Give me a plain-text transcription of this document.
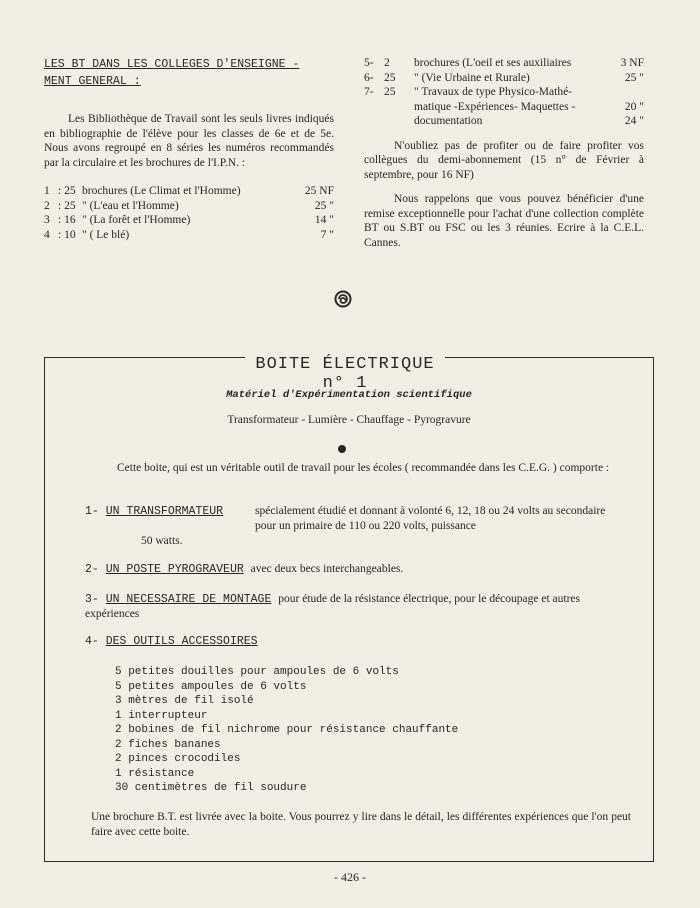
LES BT DANS LES COLLEGES D'ENSEIGNE -
MENT GENERAL :

Les Bibliothèque de Travail sont les seuls livres indiqués en bibliographie de l'élève pour les classes de 6e et de 5e. Nous avons regroupé en 8 séries les numéros recommandés par la circulaire et les brochures de l'I.P.N. :

1 : 25 brochures (Le Climat et l'Homme)	25 NF
2 : 25 " (L'eau et l'Homme)	25 "
3 : 16 " (La forêt et l'Homme)	14 "
4 : 10 " ( Le blé)	7 "
5- 2	brochures (L'oeil et ses auxiliaires	3 NF
6- 25	" (Vie Urbaine et Rurale)	25 "
7- 25	" Travaux de type Physico-Mathé-
matique -Expériences- Maquettes -	20 "
documentation	24 "

N'oubliez pas de profiter ou de faire profiter vos collègues du demi-abonnement (15 n° de Février à septembre, pour 16 NF)

Nous rappelons que vous pouvez bénéficier d'une remise exceptionnelle pour l'achat d'une collection complète BT ou S.BT ou FSC ou les 3 réunies. Ecrire à la C.E.L. Cannes.

BOITE ÉLECTRIQUE n° 1
Matériel d'Expérimentation scientifique
Transformateur - Lumière - Chauffage - Pyrogravure

Cette boite, qui est un véritable outil de travail pour les écoles ( recommandée dans les C.E.G. ) comporte :

1- UN TRANSFORMATEUR	spécialement étudié et donnant à volonté 6, 12, 18 ou 24 volts au secondaire pour un primaire de 110 ou 220 volts, puissance
50 watts.
2- UN POSTE PYROGRAVEUR avec deux becs interchangeables.
3- UN NECESSAIRE DE MONTAGE pour étude de la résistance électrique, pour le découpage et autres expériences
4- DES OUTILS ACCESSOIRES
5 petites douilles pour ampoules de 6 volts
5 petites ampoules de 6 volts
3 mètres de fil isolé
1 interrupteur
2 bobines de fil nichrome pour résistance chauffante
2 fiches bananes
2 pinces crocodiles
1 résistance
30 centimètres de fil soudure

Une brochure B.T. est livrée avec la boite. Vous pourrez y lire dans le détail, les différentes expériences que l'on peut faire avec cette boite.

- 426 -
